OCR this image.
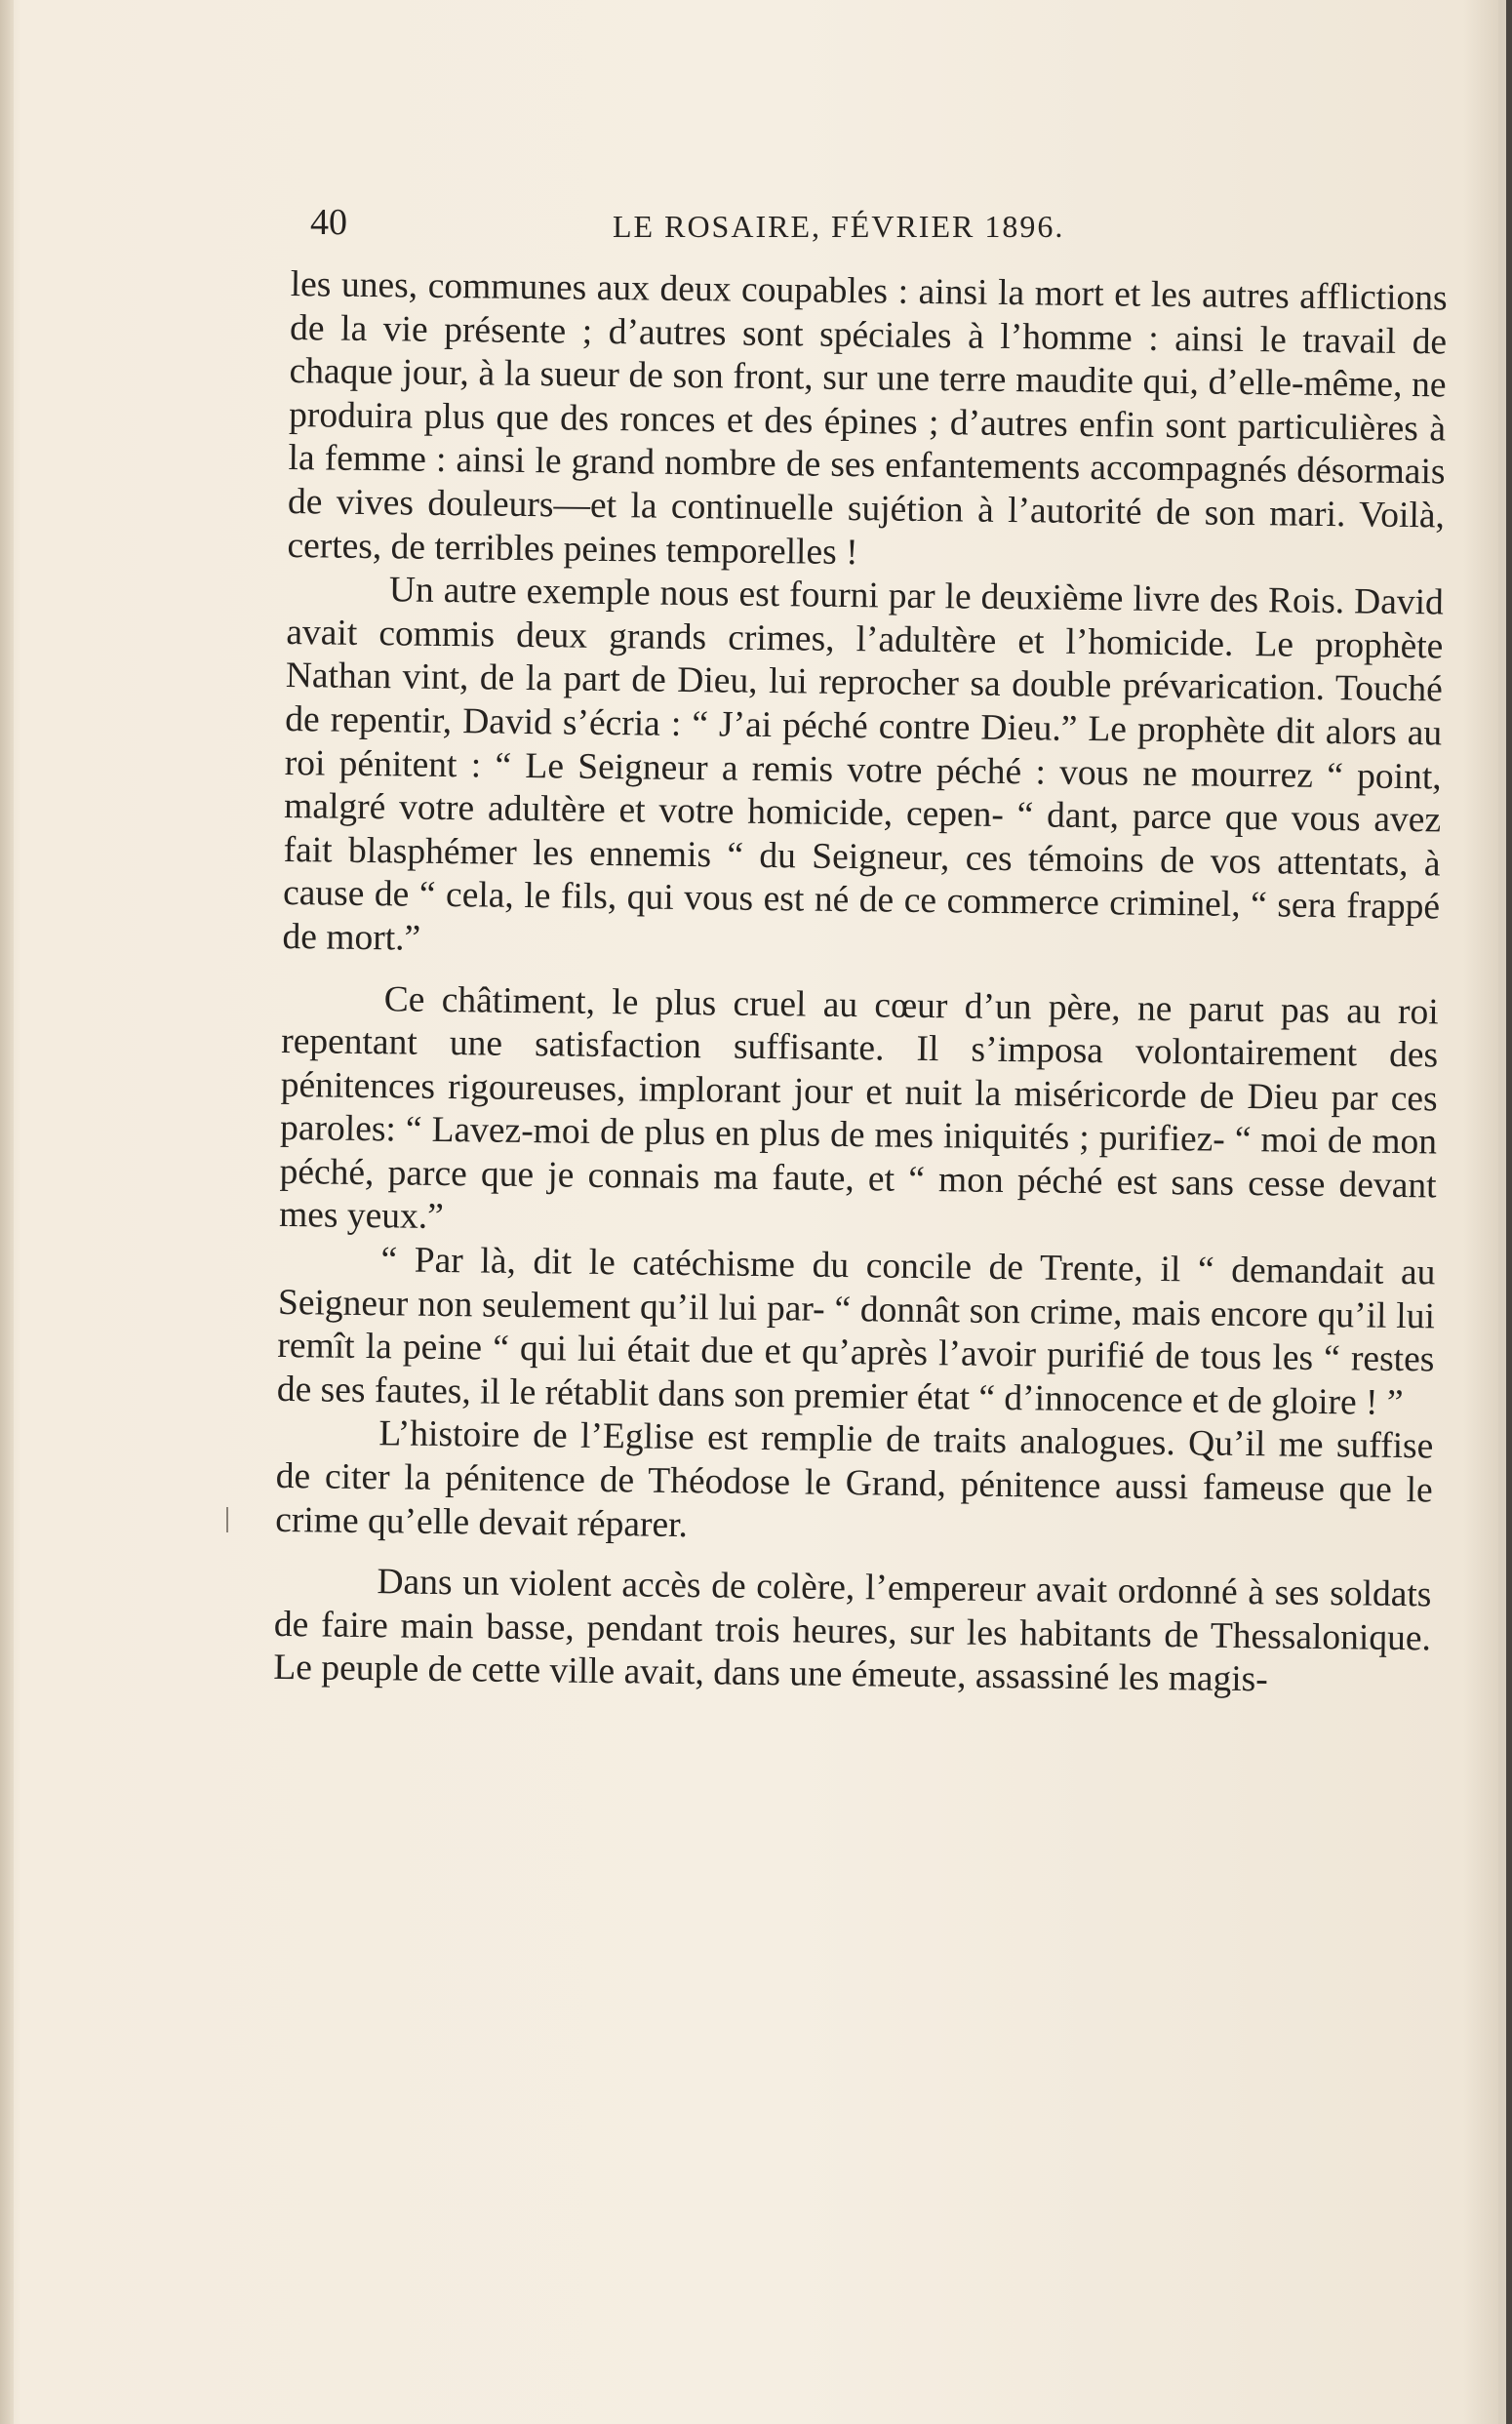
40	LE ROSAIRE, FÉVRIER 1896.

les unes, communes aux deux coupables : ainsi la mort et les autres afflictions de la vie présente ; d’autres sont spéciales à l’homme : ainsi le travail de chaque jour, à la sueur de son front, sur une terre maudite qui, d’elle-même, ne produira plus que des ronces et des épines ; d’autres enfin sont particulières à la femme : ainsi le grand nombre de ses enfantements accompagnés désormais de vives douleurs—et la continuelle sujétion à l’autorité de son mari. Voilà, certes, de terribles peines temporelles !

Un autre exemple nous est fourni par le deuxième livre des Rois. David avait commis deux grands crimes, l’adultère et l’homicide. Le prophète Nathan vint, de la part de Dieu, lui reprocher sa double prévarication. Touché de repentir, David s’écria : “ J’ai péché contre Dieu.” Le prophète dit alors au roi pénitent : “ Le Seigneur a remis votre péché : vous ne mourrez “ point, malgré votre adultère et votre homicide, cepen- “ dant, parce que vous avez fait blasphémer les ennemis “ du Seigneur, ces témoins de vos attentats, à cause de “ cela, le fils, qui vous est né de ce commerce criminel, “ sera frappé de mort.”

Ce châtiment, le plus cruel au cœur d’un père, ne parut pas au roi repentant une satisfaction suffisante. Il s’imposa volontairement des pénitences rigoureuses, implorant jour et nuit la miséricorde de Dieu par ces paroles: “ Lavez-moi de plus en plus de mes iniquités ; purifiez- “ moi de mon péché, parce que je connais ma faute, et “ mon péché est sans cesse devant mes yeux.”

“ Par là, dit le catéchisme du concile de Trente, il “ demandait au Seigneur non seulement qu’il lui par- “ donnât son crime, mais encore qu’il lui remît la peine “ qui lui était due et qu’après l’avoir purifié de tous les “ restes de ses fautes, il le rétablit dans son premier état “ d’innocence et de gloire ! ”

L’histoire de l’Eglise est remplie de traits analogues. Qu’il me suffise de citer la pénitence de Théodose le Grand, pénitence aussi fameuse que le crime qu’elle devait réparer.

Dans un violent accès de colère, l’empereur avait ordonné à ses soldats de faire main basse, pendant trois heures, sur les habitants de Thessalonique. Le peuple de cette ville avait, dans une émeute, assassiné les magis-
